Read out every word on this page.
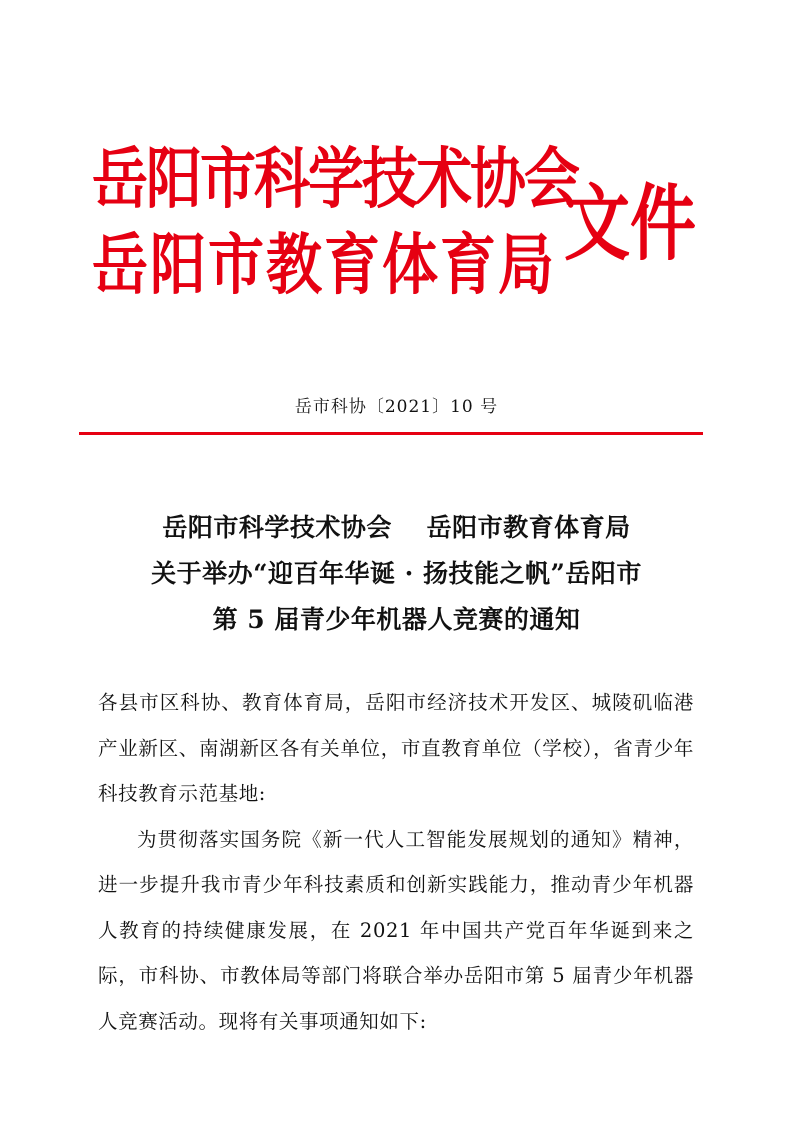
岳阳市科学技术协会
岳阳市教育体育局 文件
岳市科协〔2021〕10 号
岳阳市科学技术协会　 岳阳市教育体育局
关于举办“迎百年华诞 · 扬技能之帆”岳阳市
第 5 届青少年机器人竞赛的通知

各县市区科协、教育体育局，岳阳市经济技术开发区、城陵矶临港产业新区、南湖新区各有关单位，市直教育单位（学校），省青少年科技教育示范基地:

为贯彻落实国务院《新一代人工智能发展规划的通知》精神，进一步提升我市青少年科技素质和创新实践能力，推动青少年机器人教育的持续健康发展，在 2021 年中国共产党百年华诞到来之际，市科协、市教体局等部门将联合举办岳阳市第 5 届青少年机器人竞赛活动。现将有关事项通知如下:
